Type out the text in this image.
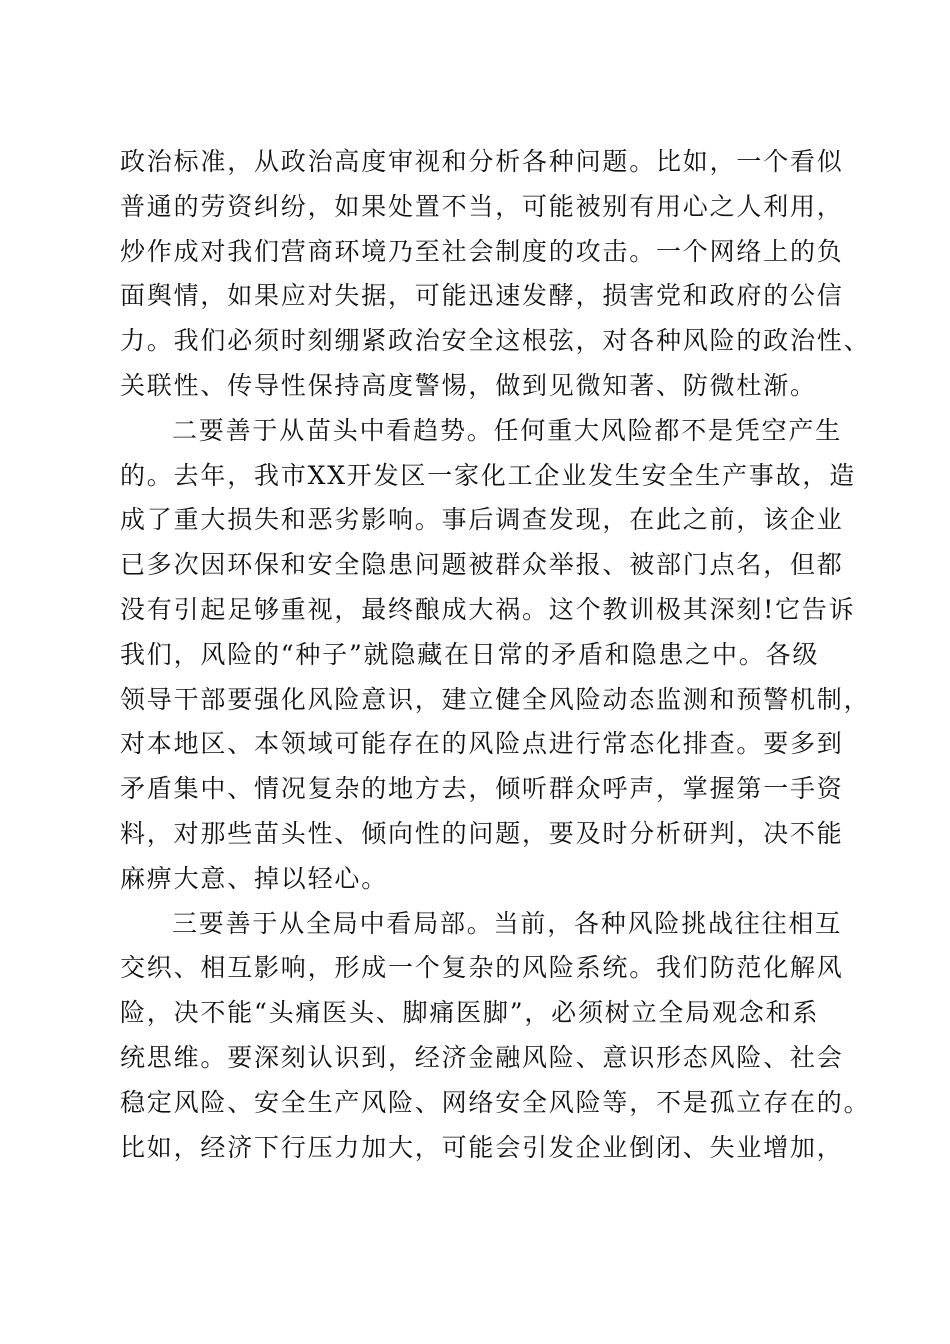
政治标准，从政治高度审视和分析各种问题。比如，一个看似
普通的劳资纠纷，如果处置不当，可能被别有用心之人利用，
炒作成对我们营商环境乃至社会制度的攻击。一个网络上的负
面舆情，如果应对失据，可能迅速发酵，损害党和政府的公信
力。我们必须时刻绷紧政治安全这根弦，对各种风险的政治性、
关联性、传导性保持高度警惕，做到见微知著、防微杜渐。
二要善于从苗头中看趋势。任何重大风险都不是凭空产生
的。去年，我市XX开发区一家化工企业发生安全生产事故，造
成了重大损失和恶劣影响。事后调查发现，在此之前，该企业
已多次因环保和安全隐患问题被群众举报、被部门点名，但都
没有引起足够重视，最终酿成大祸。这个教训极其深刻!它告诉
我们，风险的“种子”就隐藏在日常的矛盾和隐患之中。各级
领导干部要强化风险意识，建立健全风险动态监测和预警机制，
对本地区、本领域可能存在的风险点进行常态化排查。要多到
矛盾集中、情况复杂的地方去，倾听群众呼声，掌握第一手资
料，对那些苗头性、倾向性的问题，要及时分析研判，决不能
麻痹大意、掉以轻心。
三要善于从全局中看局部。当前，各种风险挑战往往相互
交织、相互影响，形成一个复杂的风险系统。我们防范化解风
险，决不能“头痛医头、脚痛医脚”，必须树立全局观念和系
统思维。要深刻认识到，经济金融风险、意识形态风险、社会
稳定风险、安全生产风险、网络安全风险等，不是孤立存在的。
比如，经济下行压力加大，可能会引发企业倒闭、失业增加，
